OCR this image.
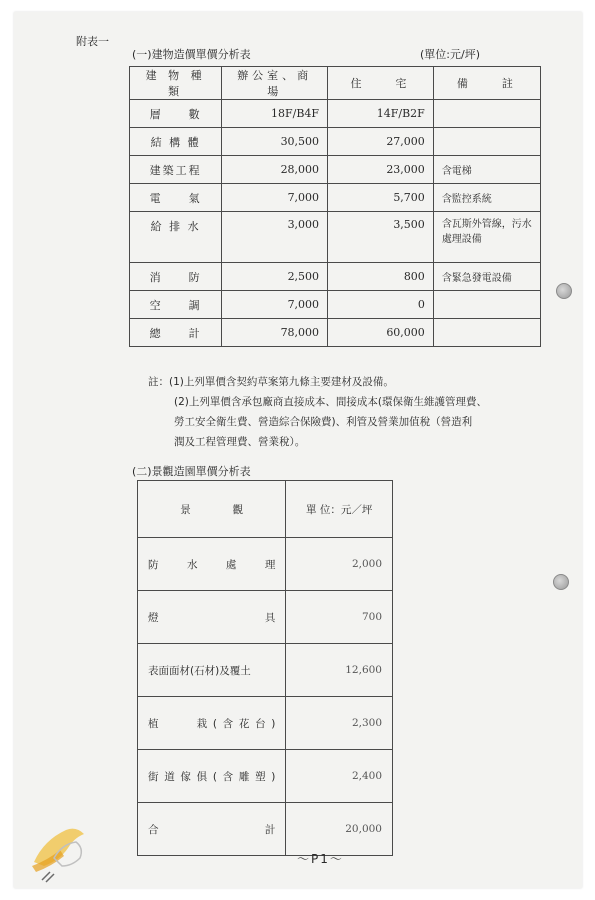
附表一
(一)建物造價單價分析表	(單位:元/坪)
建 物 種 類	辦公室、商場	住　　宅	備　　註
層　　數	18F/B4F	14F/B2F	
結 構 體	30,500	27,000	
建築工程	28,000	23,000	含電梯
電　　氣	7,000	5,700	含監控系統
給 排 水	3,000	3,500	含瓦斯外管線，污水處理設備
消　　防	2,500	800	含緊急發電設備
空　　調	7,000	0	
總　　計	78,000	60,000	
註：(1)上列單價含契約草案第九條主要建材及設備。

(2)上列單價含承包廠商直接成本、間接成本(環保衛生維護管理費、

勞工安全衛生費、營造綜合保險費)、利管及營業加值稅（營造利

潤及工程管理費、營業稅）。

(二)景觀造園單價分析表
景　　　　觀	單 位：元／坪
防水處理	2,000
燈　　　具	700
表面面材(石材)及覆土	12,600
植　　栽(含花台)	2,300
街道傢俱(含雕塑)	2,400
合　　　計	20,000
～P1～
